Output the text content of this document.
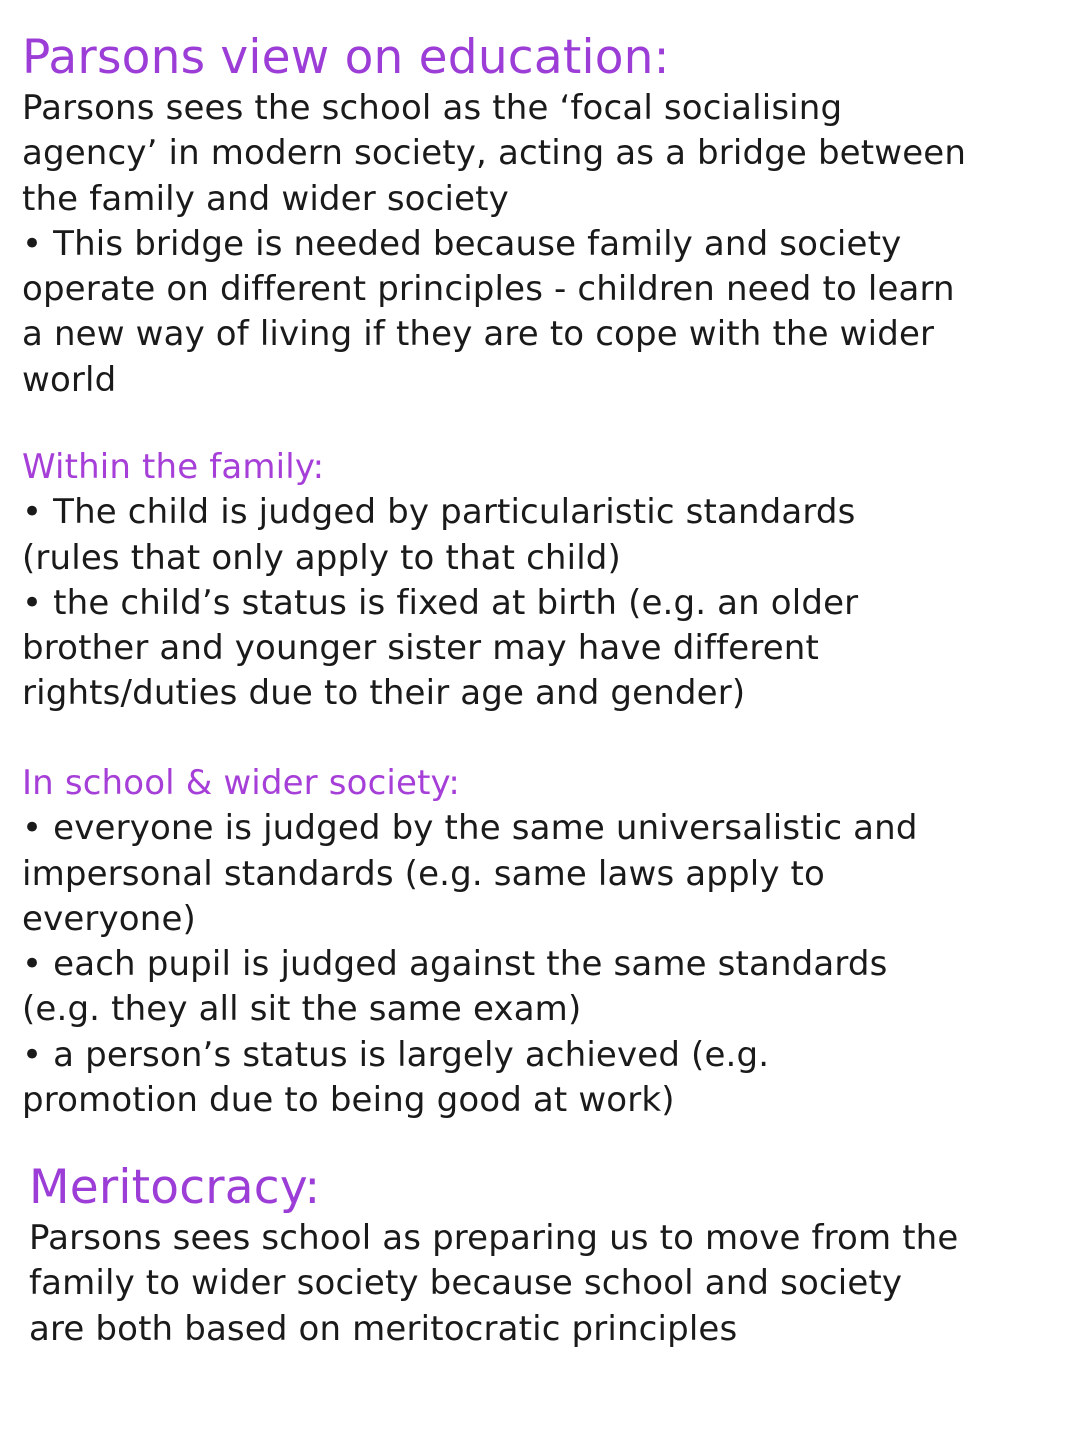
Parsons view on education:
Parsons sees the school as the ‘focal socialising
agency’ in modern society, acting as a bridge between
the family and wider society
• This bridge is needed because family and society
operate on different principles - children need to learn
a new way of living if they are to cope with the wider
world
Within the family:
• The child is judged by particularistic standards
(rules that only apply to that child)
• the child’s status is fixed at birth (e.g. an older
brother and younger sister may have different
rights/duties due to their age and gender)
In school & wider society:
• everyone is judged by the same universalistic and
impersonal standards (e.g. same laws apply to
everyone)
• each pupil is judged against the same standards
(e.g. they all sit the same exam)
• a person’s status is largely achieved (e.g.
promotion due to being good at work)
Meritocracy:
Parsons sees school as preparing us to move from the
family to wider society because school and society
are both based on meritocratic principles
